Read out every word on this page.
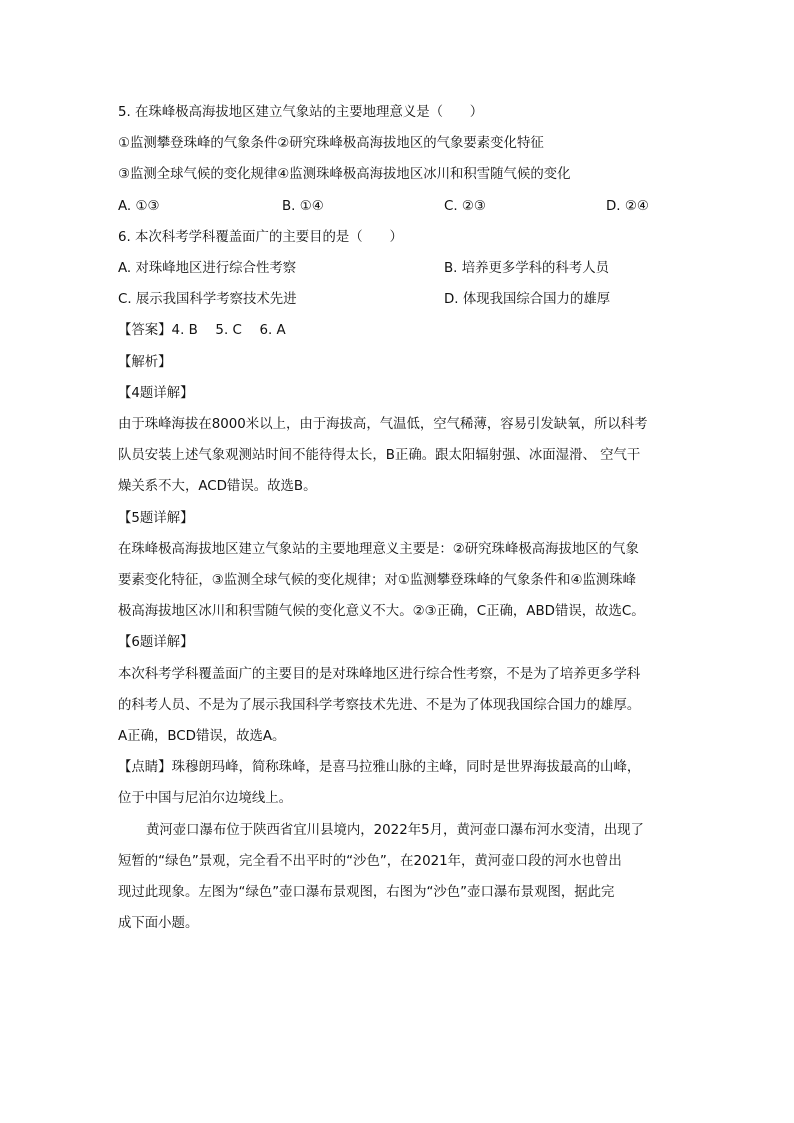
5. 在珠峰极高海拔地区建立气象站的主要地理意义是（　　）
①监测攀登珠峰的气象条件②研究珠峰极高海拔地区的气象要素变化特征
③监测全球气候的变化规律④监测珠峰极高海拔地区冰川和积雪随气候的变化
A. ①③	B. ①④	C. ②③	D. ②④
6. 本次科考学科覆盖面广的主要目的是（　　）
A. 对珠峰地区进行综合性考察	B. 培养更多学科的科考人员
C. 展示我国科学考察技术先进	D. 体现我国综合国力的雄厚
【答案】4. B　 5. C　 6. A
【解析】
【4题详解】
由于珠峰海拔在8000米以上，由于海拔高，气温低，空气稀薄，容易引发缺氧，所以科考
队员安装上述气象观测站时间不能待得太长，B正确。跟太阳辐射强、冰面湿滑、 空气干
燥关系不大，ACD错误。故选B。
【5题详解】
在珠峰极高海拔地区建立气象站的主要地理意义主要是：②研究珠峰极高海拔地区的气象
要素变化特征，③监测全球气候的变化规律；对①监测攀登珠峰的气象条件和④监测珠峰
极高海拔地区冰川和积雪随气候的变化意义不大。②③正确，C正确，ABD错误，故选C。
【6题详解】
本次科考学科覆盖面广的主要目的是对珠峰地区进行综合性考察，不是为了培养更多学科
的科考人员、不是为了展示我国科学考察技术先进、不是为了体现我国综合国力的雄厚。
A正确，BCD错误，故选A。
【点睛】珠穆朗玛峰，简称珠峰，是喜马拉雅山脉的主峰，同时是世界海拔最高的山峰，
位于中国与尼泊尔边境线上。
黄河壶口瀑布位于陕西省宜川县境内，2022年5月，黄河壶口瀑布河水变清，出现了
短暂的“绿色”景观，完全看不出平时的“沙色”，在2021年，黄河壶口段的河水也曾出
现过此现象。左图为“绿色”壶口瀑布景观图，右图为“沙色”壶口瀑布景观图，据此完
成下面小题。
